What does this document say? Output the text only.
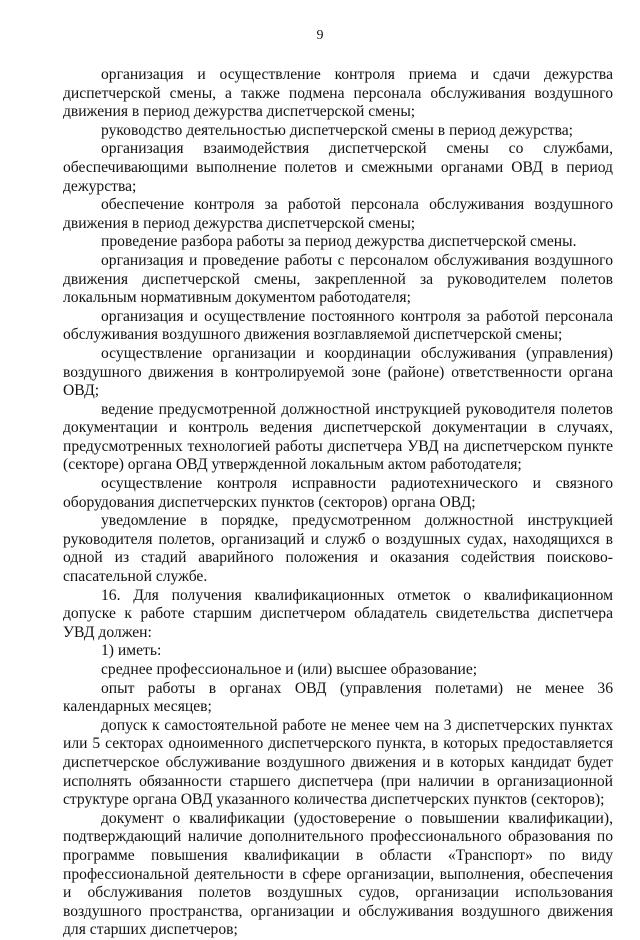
9

организация и осуществление контроля приема и сдачи дежурства диспетчерской смены, а также подмена персонала обслуживания воздушного движения в период дежурства диспетчерской смены;

руководство деятельностью диспетчерской смены в период дежурства;

организация взаимодействия диспетчерской смены со службами, обеспечивающими выполнение полетов и смежными органами ОВД в период дежурства;

обеспечение контроля за работой персонала обслуживания воздушного движения в период дежурства диспетчерской смены;

проведение разбора работы за период дежурства диспетчерской смены.

организация и проведение работы с персоналом обслуживания воздушного движения диспетчерской смены, закрепленной за руководителем полетов локальным нормативным документом работодателя;

организация и осуществление постоянного контроля за работой персонала обслуживания воздушного движения возглавляемой диспетчерской смены;

осуществление организации и координации обслуживания (управления) воздушного движения в контролируемой зоне (районе) ответственности органа ОВД;

ведение предусмотренной должностной инструкцией руководителя полетов документации и контроль ведения диспетчерской документации в случаях, предусмотренных технологией работы диспетчера УВД на диспетчерском пункте (секторе) органа ОВД утвержденной локальным актом работодателя;

осуществление контроля исправности радиотехнического и связного оборудования диспетчерских пунктов (секторов) органа ОВД;

уведомление в порядке, предусмотренном должностной инструкцией руководителя полетов, организаций и служб о воздушных судах, находящихся в одной из стадий аварийного положения и оказания содействия поисково-спасательной службе.

16. Для получения квалификационных отметок о квалификационном допуске к работе старшим диспетчером обладатель свидетельства диспетчера УВД должен:

1) иметь:

среднее профессиональное и (или) высшее образование;

опыт работы в органах ОВД (управления полетами) не менее 36 календарных месяцев;

допуск к самостоятельной работе не менее чем на 3 диспетчерских пунктах или 5 секторах одноименного диспетчерского пункта, в которых предоставляется диспетчерское обслуживание воздушного движения и в которых кандидат будет исполнять обязанности старшего диспетчера (при наличии в организационной структуре органа ОВД указанного количества диспетчерских пунктов (секторов);

документ о квалификации (удостоверение о повышении квалификации), подтверждающий наличие дополнительного профессионального образования по программе повышения квалификации в области «Транспорт» по виду профессиональной деятельности в сфере организации, выполнения, обеспечения и обслуживания полетов воздушных судов, организации использования воздушного пространства, организации и обслуживания воздушного движения для старших диспетчеров;
